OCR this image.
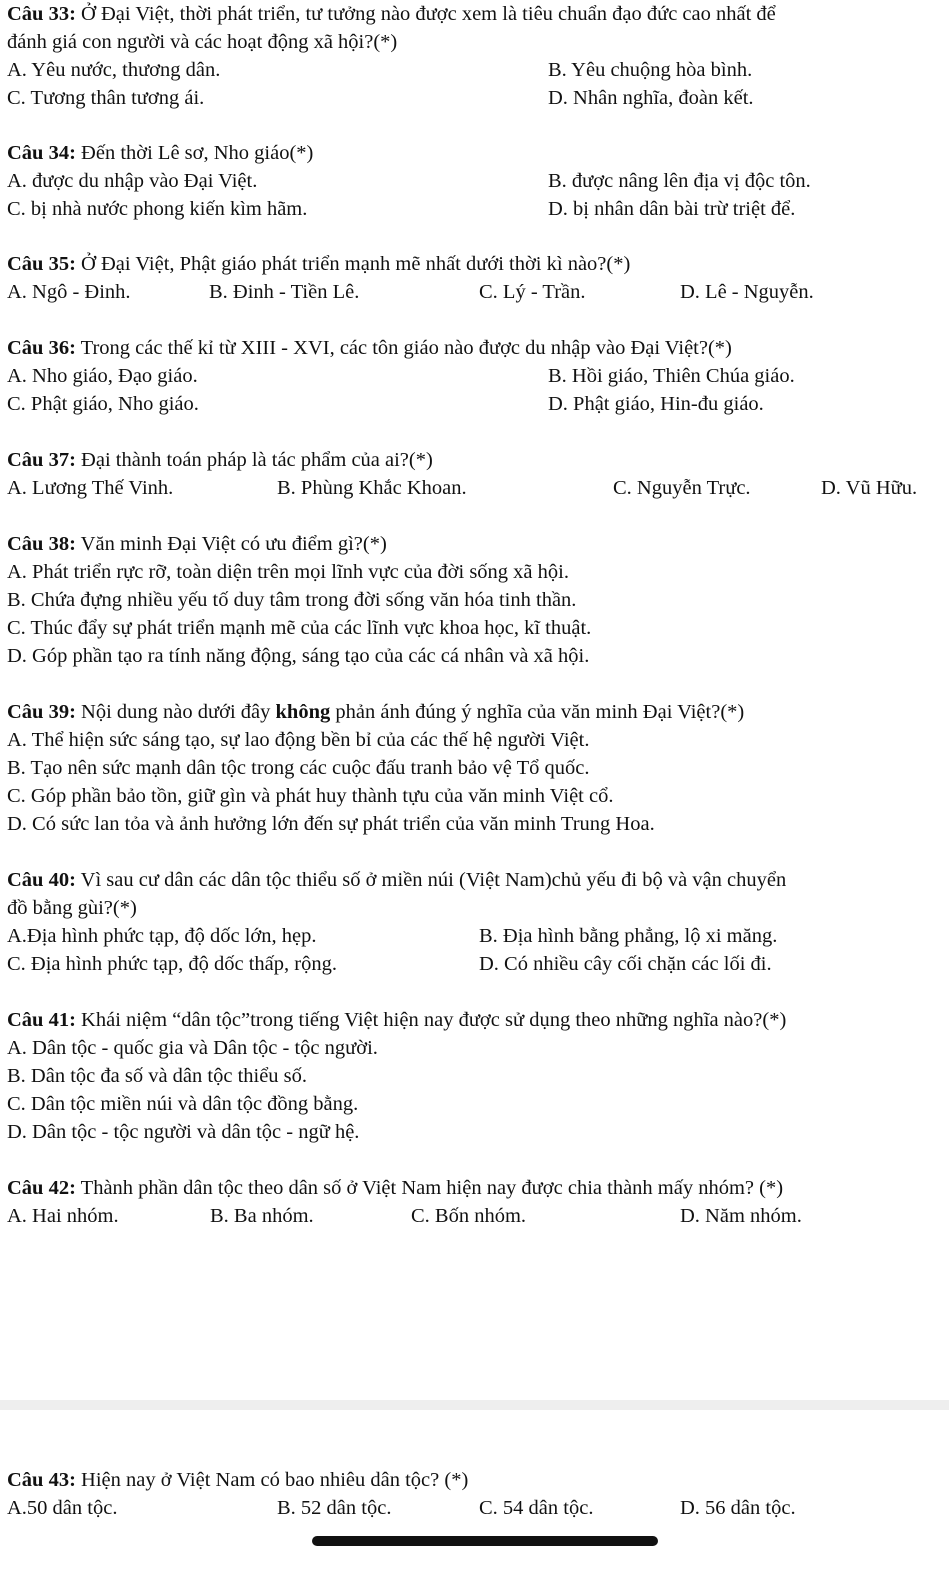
Câu 33: Ở Đại Việt, thời phát triển, tư tưởng nào được xem là tiêu chuẩn đạo đức cao nhất để
đánh giá con người và các hoạt động xã hội?(*)
A. Yêu nước, thương dân.	B. Yêu chuộng hòa bình.
C. Tương thân tương ái.	D. Nhân nghĩa, đoàn kết.
Câu 34: Đến thời Lê sơ, Nho giáo(*)
A. được du nhập vào Đại Việt.	B. được nâng lên địa vị độc tôn.
C. bị nhà nước phong kiến kìm hãm.	D. bị nhân dân bài trừ triệt để.
Câu 35: Ở Đại Việt, Phật giáo phát triển mạnh mẽ nhất dưới thời kì nào?(*)
A. Ngô - Đinh.	B. Đinh - Tiền Lê.	C. Lý - Trần.	D. Lê - Nguyễn.
Câu 36: Trong các thế kỉ từ XIII - XVI, các tôn giáo nào được du nhập vào Đại Việt?(*)
A. Nho giáo, Đạo giáo.	B. Hồi giáo, Thiên Chúa giáo.
C. Phật giáo, Nho giáo.	D. Phật giáo, Hin-đu giáo.
Câu 37: Đại thành toán pháp là tác phẩm của ai?(*)
A. Lương Thế Vinh.	B. Phùng Khắc Khoan.	C. Nguyễn Trực.	D. Vũ Hữu.
Câu 38: Văn minh Đại Việt có ưu điểm gì?(*)
A. Phát triển rực rỡ, toàn diện trên mọi lĩnh vực của đời sống xã hội.
B. Chứa đựng nhiều yếu tố duy tâm trong đời sống văn hóa tinh thần.
C. Thúc đẩy sự phát triển mạnh mẽ của các lĩnh vực khoa học, kĩ thuật.
D. Góp phần tạo ra tính năng động, sáng tạo của các cá nhân và xã hội.
Câu 39: Nội dung nào dưới đây không phản ánh đúng ý nghĩa của văn minh Đại Việt?(*)
A. Thể hiện sức sáng tạo, sự lao động bền bỉ của các thế hệ người Việt.
B. Tạo nên sức mạnh dân tộc trong các cuộc đấu tranh bảo vệ Tổ quốc.
C. Góp phần bảo tồn, giữ gìn và phát huy thành tựu của văn minh Việt cổ.
D. Có sức lan tỏa và ảnh hưởng lớn đến sự phát triển của văn minh Trung Hoa.
Câu 40: Vì sau cư dân các dân tộc thiểu số ở miền núi (Việt Nam)chủ yếu đi bộ và vận chuyển
đồ bằng gùi?(*)
A.Địa hình phức tạp, độ dốc lớn, hẹp.	B. Địa hình bằng phẳng, lộ xi măng.
C. Địa hình phức tạp, độ dốc thấp, rộng.	D. Có nhiều cây cối chặn các lối đi.
Câu 41: Khái niệm “dân tộc”trong tiếng Việt hiện nay được sử dụng theo những nghĩa nào?(*)
A. Dân tộc - quốc gia và Dân tộc - tộc người.
B. Dân tộc đa số và dân tộc thiểu số.
C. Dân tộc miền núi và dân tộc đồng bằng.
D. Dân tộc - tộc người và dân tộc - ngữ hệ.
Câu 42: Thành phần dân tộc theo dân số ở Việt Nam hiện nay được chia thành mấy nhóm? (*)
A. Hai nhóm.	B. Ba nhóm.	C. Bốn nhóm.	D. Năm nhóm.
Câu 43: Hiện nay ở Việt Nam có bao nhiêu dân tộc? (*)
A.50 dân tộc.	B. 52 dân tộc.	C. 54 dân tộc.	D. 56 dân tộc.
